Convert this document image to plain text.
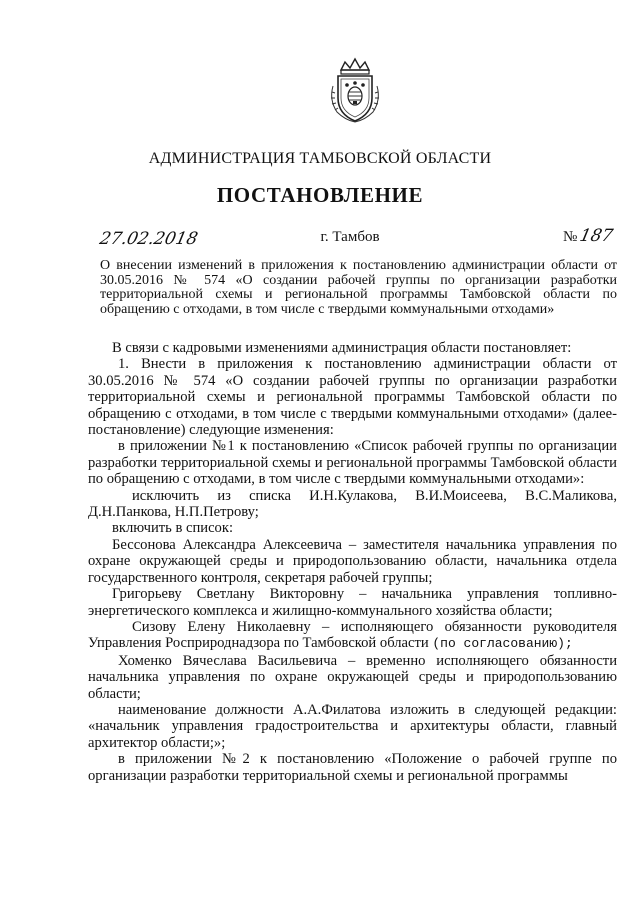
АДМИНИСТРАЦИЯ ТАМБОВСКОЙ ОБЛАСТИ
ПОСТАНОВЛЕНИЕ
27.02.2018	г. Тамбов	№ 187
О внесении изменений в приложения к постановлению администрации области от 30.05.2016 № 574 «О создании рабочей группы по организации разработки территориальной схемы и региональной программы Тамбовской области по обращению с отходами, в том числе с твердыми коммунальными отходами»

В связи с кадровыми изменениями администрация области постановляет:

1. Внести в приложения к постановлению администрации области от 30.05.2016 № 574 «О создании рабочей группы по организации разработки территориальной схемы и региональной программы Тамбовской области по обращению с отходами, в том числе с твердыми коммунальными отходами» (далее-постановление) следующие изменения:

в приложении №1 к постановлению «Список рабочей группы по организации разработки территориальной схемы и региональной программы Тамбовской области по обращению с отходами, в том числе с твердыми коммунальными отходами»:

исключить из списка И.Н.Кулакова, В.И.Моисеева, В.С.Маликова, Д.Н.Панкова, Н.П.Петрову;

включить в список:

Бессонова Александра Алексеевича – заместителя начальника управления по охране окружающей среды и природопользованию области, начальника отдела государственного контроля, секретаря рабочей группы;

Григорьеву Светлану Викторовну – начальника управления топливно-энергетического комплекса и жилищно-коммунального хозяйства области;

Сизову Елену Николаевну – исполняющего обязанности руководителя Управления Росприроднадзора по Тамбовской области (по согласованию);

Хоменко Вячеслава Васильевича – временно исполняющего обязанности начальника управления по охране окружающей среды и природопользованию области;

наименование должности А.А.Филатова изложить в следующей редакции: «начальник управления градостроительства и архитектуры области, главный архитектор области;»;

в приложении №2 к постановлению «Положение о рабочей группе по организации разработки территориальной схемы и региональной программы
